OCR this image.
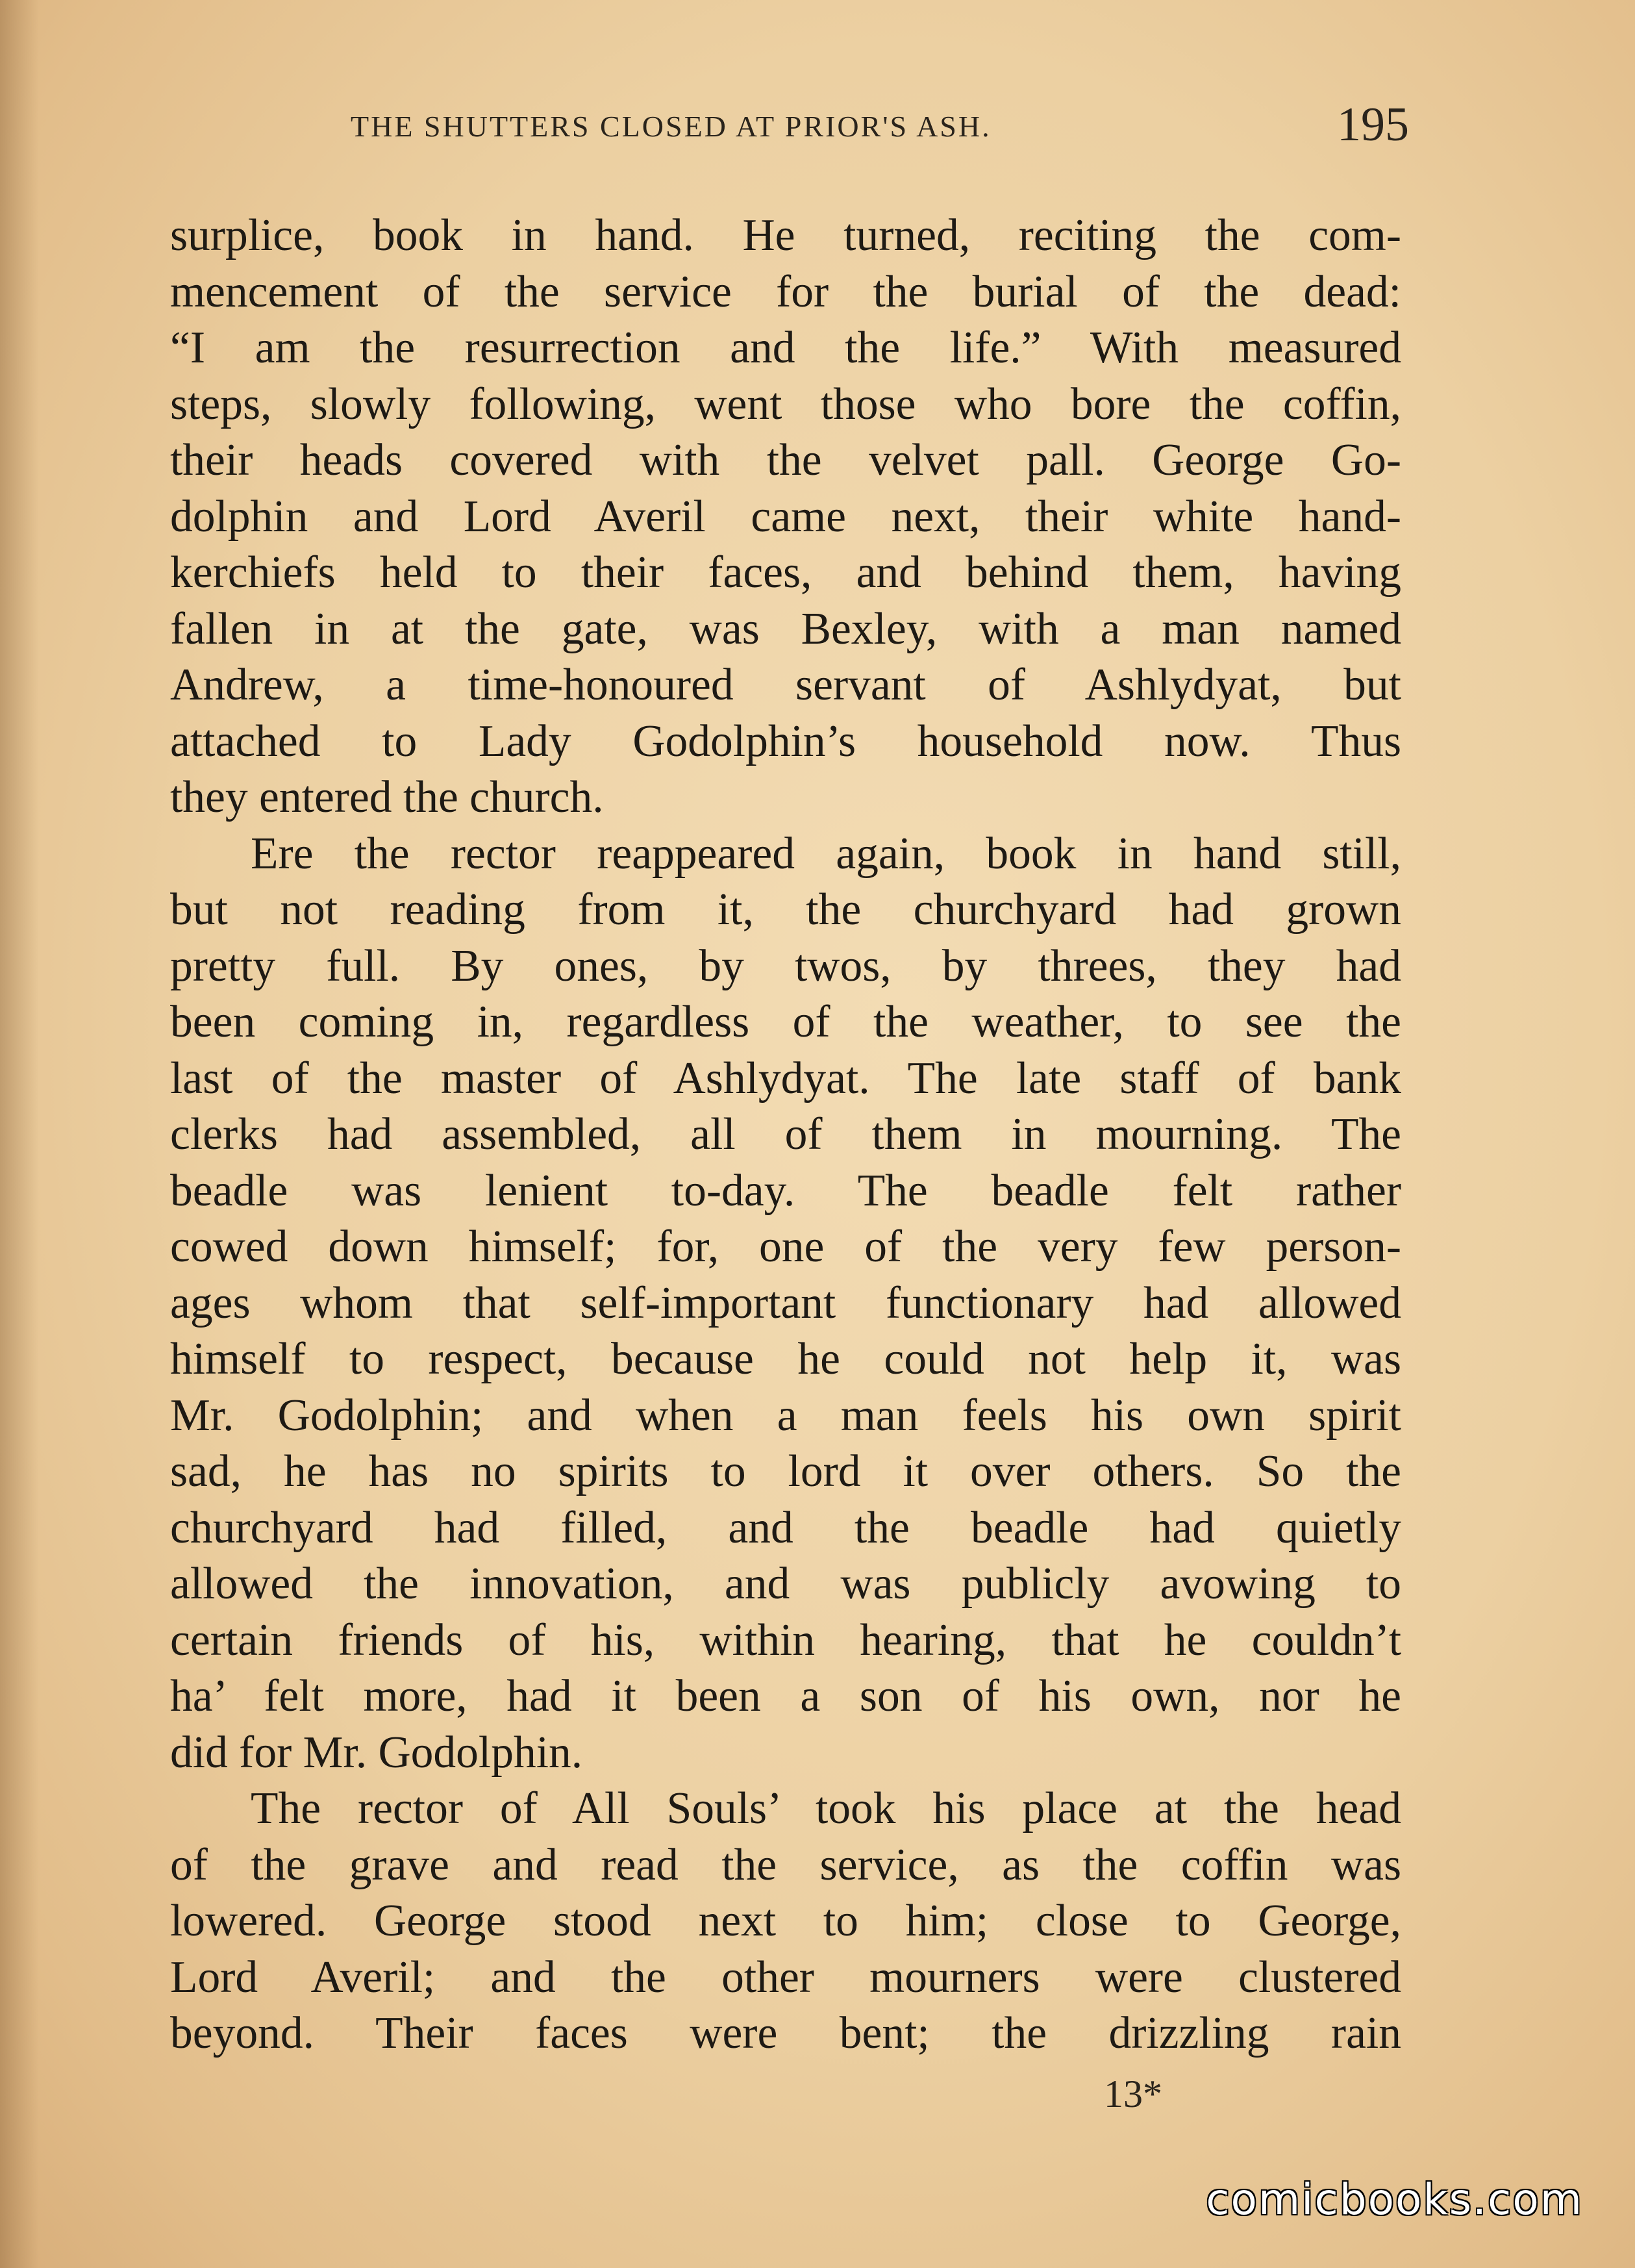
THE SHUTTERS CLOSED AT PRIOR'S ASH.	195
surplice, book in hand. He turned, reciting the com-
mencement of the service for the burial of the dead:
“I am the resurrection and the life.” With measured
steps, slowly following, went those who bore the coffin,
their heads covered with the velvet pall. George Go-
dolphin and Lord Averil came next, their white hand-
kerchiefs held to their faces, and behind them, having
fallen in at the gate, was Bexley, with a man named
Andrew, a time-honoured servant of Ashlydyat, but
attached to Lady Godolphin’s household now. Thus
they entered the church.
Ere the rector reappeared again, book in hand still,
but not reading from it, the churchyard had grown
pretty full. By ones, by twos, by threes, they had
been coming in, regardless of the weather, to see the
last of the master of Ashlydyat. The late staff of bank
clerks had assembled, all of them in mourning. The
beadle was lenient to-day. The beadle felt rather
cowed down himself; for, one of the very few person-
ages whom that self-important functionary had allowed
himself to respect, because he could not help it, was
Mr. Godolphin; and when a man feels his own spirit
sad, he has no spirits to lord it over others. So the
churchyard had filled, and the beadle had quietly
allowed the innovation, and was publicly avowing to
certain friends of his, within hearing, that he couldn’t
ha’ felt more, had it been a son of his own, nor he
did for Mr. Godolphin.
The rector of All Souls’ took his place at the head
of the grave and read the service, as the coffin was
lowered. George stood next to him; close to George,
Lord Averil; and the other mourners were clustered
beyond. Their faces were bent; the drizzling rain
13*
comicbooks.com
